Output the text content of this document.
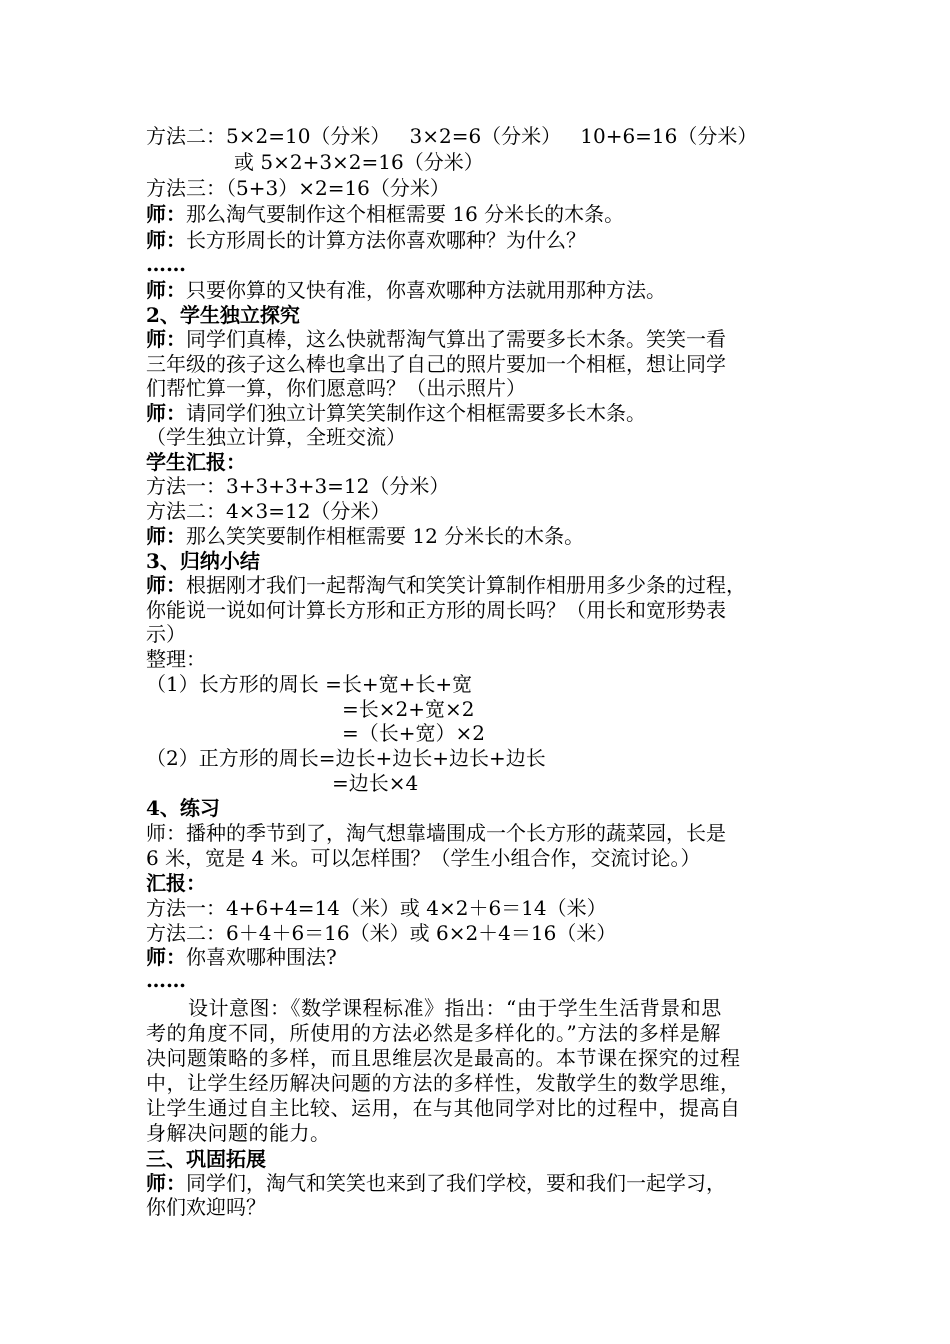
方法二：5×2=10（分米）   3×2=6（分米）   10+6=16（分米）
或 5×2+3×2=16（分米）
方法三：（5+3）×2=16（分米）
师：那么淘气要制作这个相框需要 16 分米长的木条。
师：长方形周长的计算方法你喜欢哪种？为什么？
……
师：只要你算的又快有准，你喜欢哪种方法就用那种方法。
2、学生独立探究
师：同学们真棒，这么快就帮淘气算出了需要多长木条。笑笑一看
三年级的孩子这么棒也拿出了自己的照片要加一个相框，想让同学
们帮忙算一算，你们愿意吗？（出示照片）
师：请同学们独立计算笑笑制作这个相框需要多长木条。
（学生独立计算，全班交流）
学生汇报：
方法一：3+3+3+3=12（分米）
方法二：4×3=12（分米）
师：那么笑笑要制作相框需要 12 分米长的木条。
3、归纳小结
师：根据刚才我们一起帮淘气和笑笑计算制作相册用多少条的过程，
你能说一说如何计算长方形和正方形的周长吗？（用长和宽形势表
示）
整理：
（1）长方形的周长 =长+宽+长+宽
=长×2+宽×2
=（长+宽）×2
（2）正方形的周长=边长+边长+边长+边长
=边长×4
4、练习
师：播种的季节到了，淘气想靠墙围成一个长方形的蔬菜园，长是
6 米，宽是 4 米。可以怎样围？（学生小组合作，交流讨论。）
汇报：
方法一：4+6+4=14（米）或 4×2＋6＝14（米）
方法二：6＋4＋6＝16（米）或 6×2＋4＝16（米）
师：你喜欢哪种围法?
……
设计意图：《数学课程标准》指出：“由于学生生活背景和思
考的角度不同，所使用的方法必然是多样化的。”方法的多样是解
决问题策略的多样，而且思维层次是最高的。本节课在探究的过程
中，让学生经历解决问题的方法的多样性，发散学生的数学思维，
让学生通过自主比较、运用，在与其他同学对比的过程中，提高自
身解决问题的能力。
三、巩固拓展
师：同学们，淘气和笑笑也来到了我们学校，要和我们一起学习，
你们欢迎吗？
